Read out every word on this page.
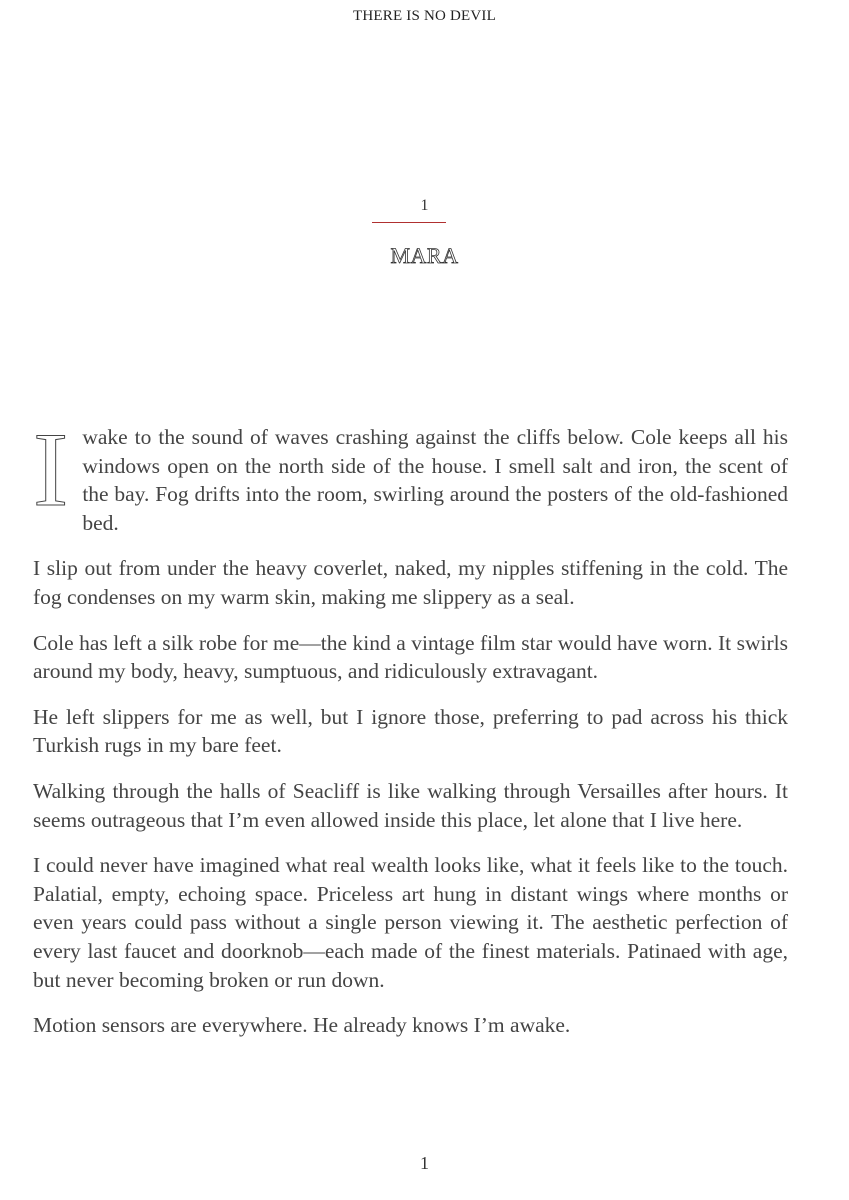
THERE IS NO DEVIL
1
MARA

Iwake to the sound of waves crashing against the cliffs below. Cole keeps all his windows open on the north side of the house. I smell salt and iron, the scent of the bay. Fog drifts into the room, swirling around the posters of the old-fashioned bed.

I slip out from under the heavy coverlet, naked, my nipples stiffening in the cold. The fog condenses on my warm skin, making me slippery as a seal.

Cole has left a silk robe for me—the kind a vintage film star would have worn. It swirls around my body, heavy, sumptuous, and ridiculously extravagant.

He left slippers for me as well, but I ignore those, preferring to pad across his thick Turkish rugs in my bare feet.

Walking through the halls of Seacliff is like walking through Versailles after hours. It seems outrageous that I’m even allowed inside this place, let alone that I live here.

I could never have imagined what real wealth looks like, what it feels like to the touch. Palatial, empty, echoing space. Priceless art hung in distant wings where months or even years could pass without a single person viewing it. The aesthetic perfection of every last faucet and doorknob—each made of the finest materials. Patinaed with age, but never becoming broken or run down.

Motion sensors are everywhere. He already knows I’m awake.

1
